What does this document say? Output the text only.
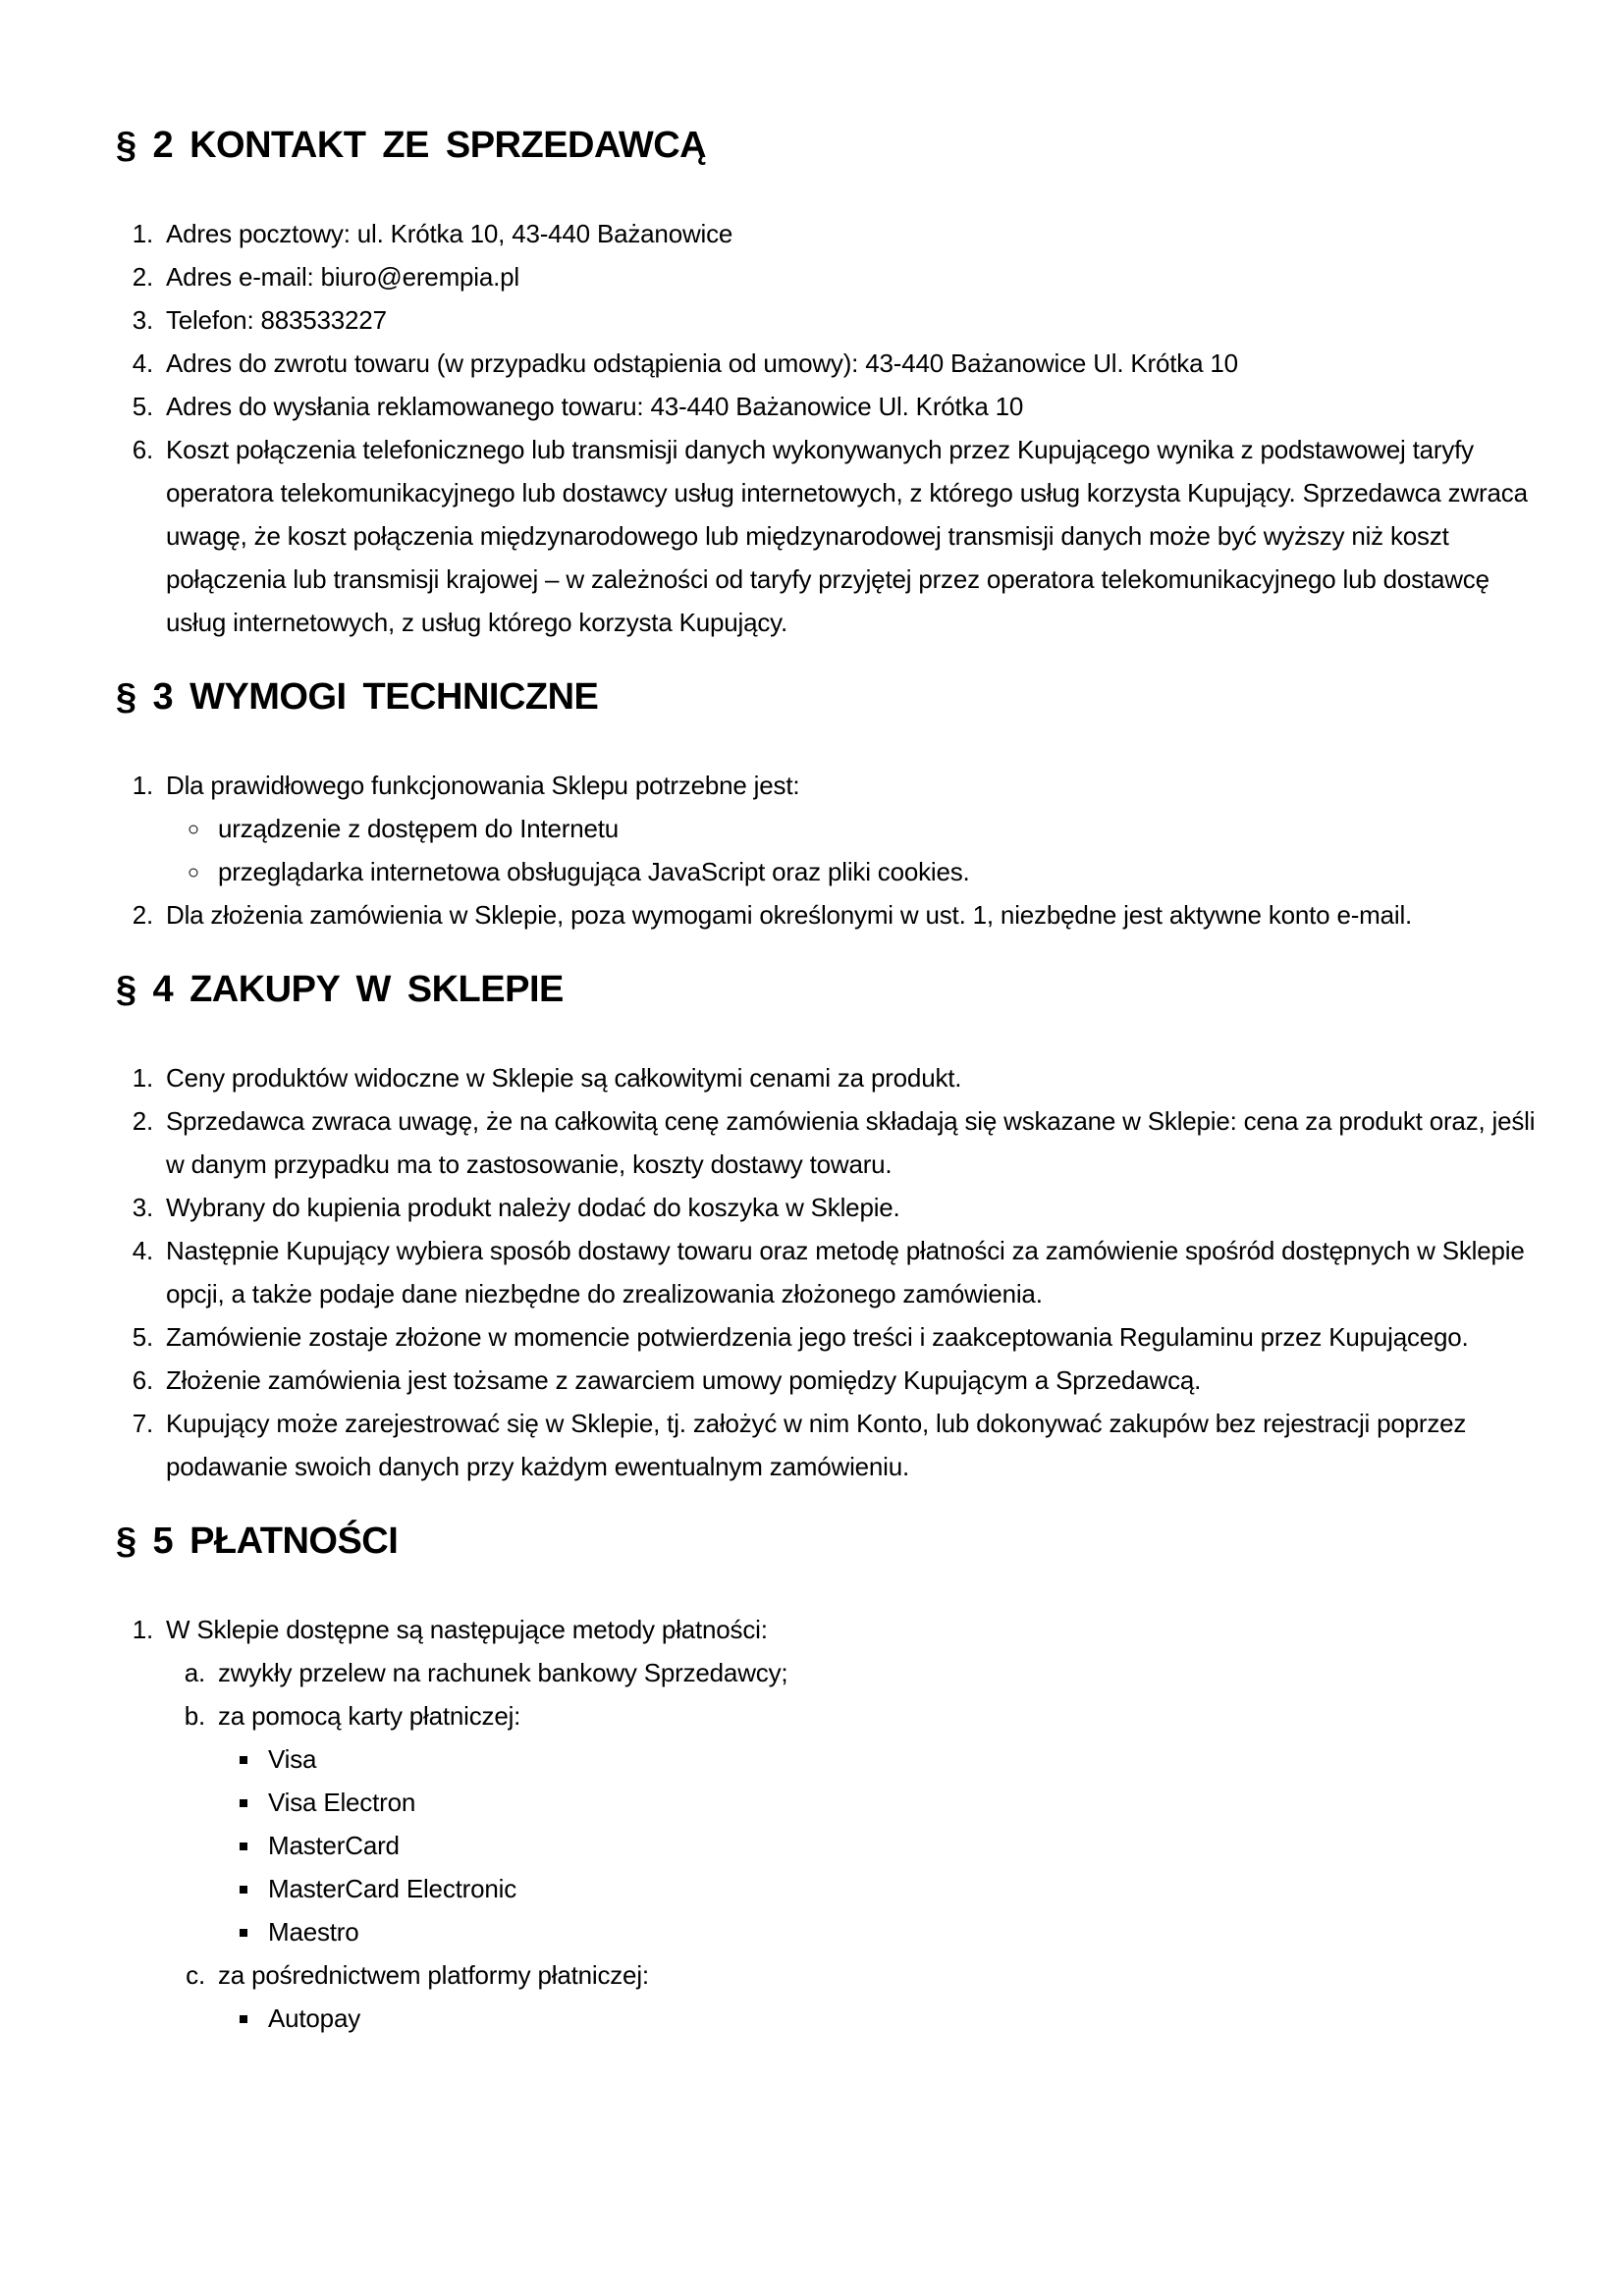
§ 2 KONTAKT ZE SPRZEDAWCĄ
1. Adres pocztowy: ul. Krótka 10, 43-440 Bażanowice
2. Adres e-mail: biuro@erempia.pl
3. Telefon: 883533227
4. Adres do zwrotu towaru (w przypadku odstąpienia od umowy): 43-440 Bażanowice Ul. Krótka 10
5. Adres do wysłania reklamowanego towaru: 43-440 Bażanowice Ul. Krótka 10
6. Koszt połączenia telefonicznego lub transmisji danych wykonywanych przez Kupującego wynika z podstawowej taryfy operatora telekomunikacyjnego lub dostawcy usług internetowych, z którego usług korzysta Kupujący. Sprzedawca zwraca uwagę, że koszt połączenia międzynarodowego lub międzynarodowej transmisji danych może być wyższy niż koszt połączenia lub transmisji krajowej – w zależności od taryfy przyjętej przez operatora telekomunikacyjnego lub dostawcę usług internetowych, z usług którego korzysta Kupujący.
§ 3 WYMOGI TECHNICZNE
1. Dla prawidłowego funkcjonowania Sklepu potrzebne jest:
◦ urządzenie z dostępem do Internetu
◦ przeglądarka internetowa obsługująca JavaScript oraz pliki cookies.
2. Dla złożenia zamówienia w Sklepie, poza wymogami określonymi w ust. 1, niezbędne jest aktywne konto e-mail.
§ 4 ZAKUPY W SKLEPIE
1. Ceny produktów widoczne w Sklepie są całkowitymi cenami za produkt.
2. Sprzedawca zwraca uwagę, że na całkowitą cenę zamówienia składają się wskazane w Sklepie: cena za produkt oraz, jeśli w danym przypadku ma to zastosowanie, koszty dostawy towaru.
3. Wybrany do kupienia produkt należy dodać do koszyka w Sklepie.
4. Następnie Kupujący wybiera sposób dostawy towaru oraz metodę płatności za zamówienie spośród dostępnych w Sklepie opcji, a także podaje dane niezbędne do zrealizowania złożonego zamówienia.
5. Zamówienie zostaje złożone w momencie potwierdzenia jego treści i zaakceptowania Regulaminu przez Kupującego.
6. Złożenie zamówienia jest tożsame z zawarciem umowy pomiędzy Kupującym a Sprzedawcą.
7. Kupujący może zarejestrować się w Sklepie, tj. założyć w nim Konto, lub dokonywać zakupów bez rejestracji poprzez podawanie swoich danych przy każdym ewentualnym zamówieniu.
§ 5 PŁATNOŚCI
1. W Sklepie dostępne są następujące metody płatności:
a. zwykły przelew na rachunek bankowy Sprzedawcy;
b. za pomocą karty płatniczej:
▪ Visa
▪ Visa Electron
▪ MasterCard
▪ MasterCard Electronic
▪ Maestro
c. za pośrednictwem platformy płatniczej:
▪ Autopay
